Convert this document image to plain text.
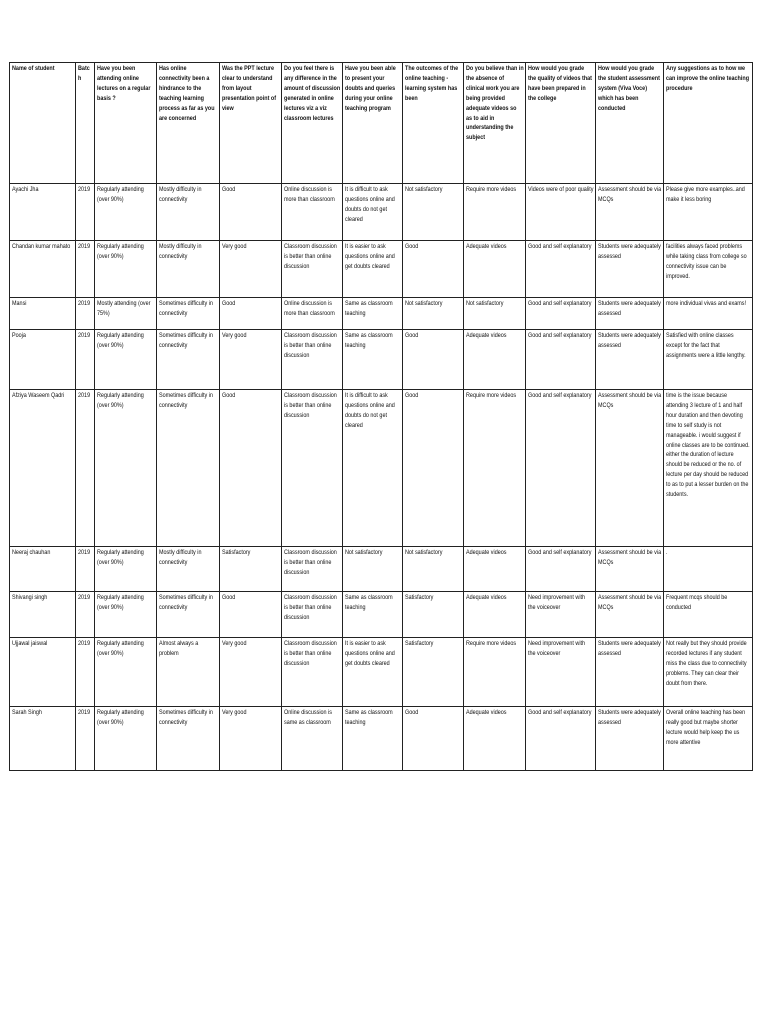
Name of student	Batch	Have you been attending online lectures on a regular basis ?	Has online connectivity been a hindrance to the teaching learning process as far as you are concerned	Was the PPT lecture clear to understand from layout presentation point of view	Do you feel there is any difference in the amount of discussion generated in online lectures viz a viz classroom lectures	Have you been able to present your doubts and queries during your online teaching program	The outcomes of the online teaching - learning system has been	Do you believe than in the absence of clinical work you are being provided adequate videos so as to aid in understanding the subject	How would you grade the quality of videos that have been prepared in the college	How would you grade the student assessment system (Viva Voce) which has been conducted	Any suggestions as to how we can improve the online teaching procedure

Ayachi Jha	2019	Regularly attending (over 90%)	Mostly difficulty in connectivity	Good	Online discussion is more than classroom	It is difficult to ask questions online and doubts do not get cleared	Not satisfactory	Require more videos	Videos were of poor quality	Assessment should be via MCQs	Please give more examples..and make it less boring

Chandan kumar mahato	2019	Regularly attending (over 90%)	Mostly difficulty in connectivity	Very good	Classroom discussion is better than online discussion	It is easier to ask questions online and get doubts cleared	Good	Adequate videos	Good and self explanatory	Students were adequately assessed	facilities always faced problems while taking class from college so connectivity issue can be improved.

Mansi	2019	Mostly attending (over 75%)	Sometimes difficulty in connectivity	Good	Online discussion is more than classroom	Same as classroom teaching	Not satisfactory	Not satisfactory	Good and self explanatory	Students were adequately assessed	more individual vivas and exams!

Pooja	2019	Regularly attending (over 90%)	Sometimes difficulty in connectivity	Very good	Classroom discussion is better than online discussion	Same as classroom teaching	Good	Adequate videos	Good and self explanatory	Students were adequately assessed	Satisfied with online classes except for the fact that assignments were a little lengthy.

Afziya Waseem Qadri	2019	Regularly attending (over 90%)	Sometimes difficulty in connectivity	Good	Classroom discussion is better than online discussion	It is difficult to ask questions online and doubts do not get cleared	Good	Require more videos	Good and self explanatory	Assessment should be via MCQs	time is the issue because attending 3 lecture of 1 and half hour duration and then devoting time to self study is not manageable. i would suggest if online classes are to be continued. either the duration of lecture should be reduced or the no. of lecture per day should be reduced to as to put a lesser burden on the students.

Neeraj chauhan	2019	Regularly attending (over 90%)	Mostly difficulty in connectivity	Satisfactory	Classroom discussion is better than online discussion	Not satisfactory	Not satisfactory	Adequate videos	Good and self explanatory	Assessment should be via MCQs	.

Shivangi singh	2019	Regularly attending (over 90%)	Sometimes difficulty in connectivity	Good	Classroom discussion is better than online discussion	Same as classroom teaching	Satisfactory	Adequate videos	Need improvement with the voiceover	Assessment should be via MCQs	Frequent mcqs should be conducted

Ujjawal jaiswal	2019	Regularly attending (over 90%)	Almost always a problem	Very good	Classroom discussion is better than online discussion	It is easier to ask questions online and get doubts cleared	Satisfactory	Require more videos	Need improvement with the voiceover	Students were adequately assessed	Not really but they should provide recorded lectures if any student miss the class due to connectivity problems. They can clear their doubt from there.

Sarah Singh	2019	Regularly attending (over 90%)	Sometimes difficulty in connectivity	Very good	Online discussion is same as classroom	Same as classroom teaching	Good	Adequate videos	Good and self explanatory	Students were adequately assessed	Overall online teaching has been really good but maybe shorter lecture would help keep the us more attentive
